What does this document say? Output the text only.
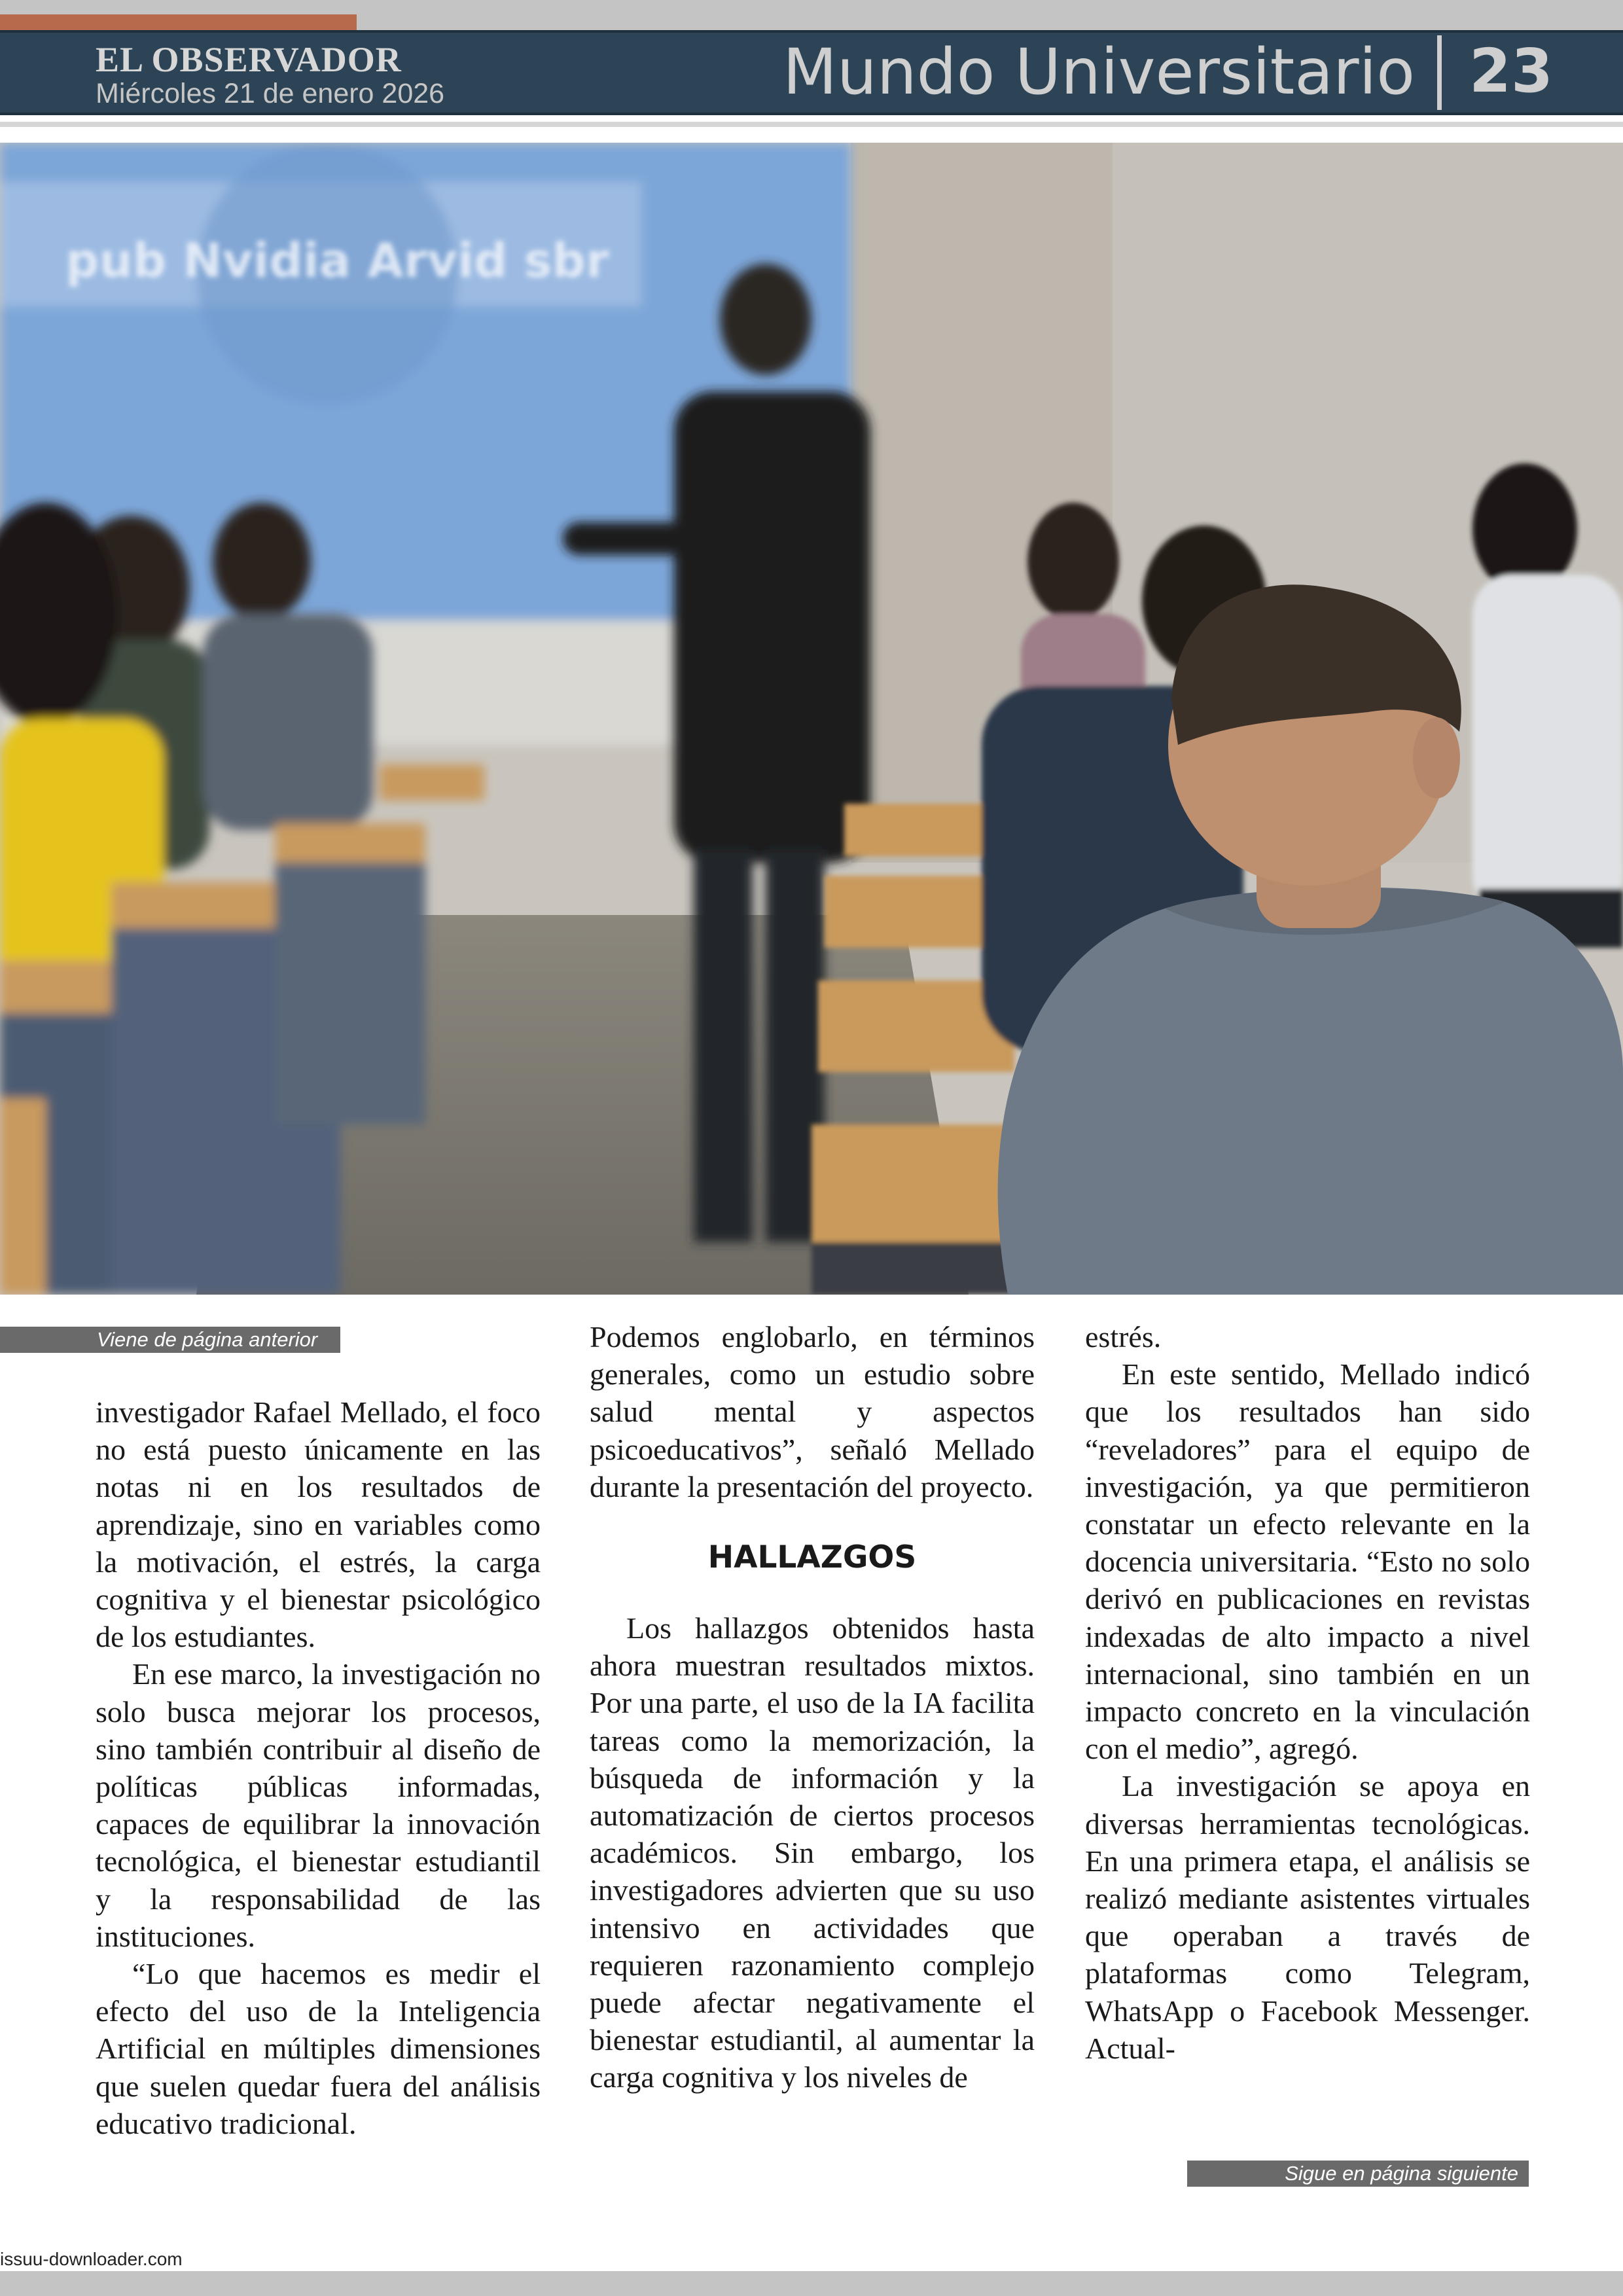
EL OBSERVADOR
Miércoles 21 de enero 2026	Mundo Universitario 23
pub Nvidia Arvid sbr
Viene de página anterior

investigador Rafael Mellado, el foco no está puesto únicamente en las notas ni en los resultados de aprendizaje, sino en variables como la motivación, el estrés, la carga cognitiva y el bienestar psicológico de los estudiantes.

En ese marco, la investigación no solo busca mejorar los procesos, sino también contribuir al diseño de políticas públicas informadas, capaces de equilibrar la innovación tecnológica, el bienestar estudiantil y la responsabilidad de las instituciones.

“Lo que hacemos es medir el efecto del uso de la Inteligencia Artificial en múltiples dimensiones que suelen quedar fuera del análisis educativo tradicional.

Podemos englobarlo, en términos generales, como un estudio sobre salud mental y aspectos psicoeducativos”, señaló Mellado durante la presentación del proyecto.

HALLAZGOS

Los hallazgos obtenidos hasta ahora muestran resultados mixtos. Por una parte, el uso de la IA facilita tareas como la memorización, la búsqueda de información y la automatización de ciertos procesos académicos. Sin embargo, los investigadores advierten que su uso intensivo en actividades que requieren razonamiento complejo puede afectar negativamente el bienestar estudiantil, al aumentar la carga cognitiva y los niveles de

estrés.

En este sentido, Mellado indicó que los resultados han sido “reveladores” para el equipo de investigación, ya que permitieron constatar un efecto relevante en la docencia universitaria. “Esto no solo derivó en publicaciones en revistas indexadas de alto impacto a nivel internacional, sino también en un impacto concreto en la vinculación con el medio”, agregó.

La investigación se apoya en diversas herramientas tecnológicas. En una primera etapa, el análisis se realizó mediante asistentes virtuales que operaban a través de plataformas como Telegram, WhatsApp o Facebook Messenger. Actual-

Sigue en página siguiente
issuu-downloader.com
